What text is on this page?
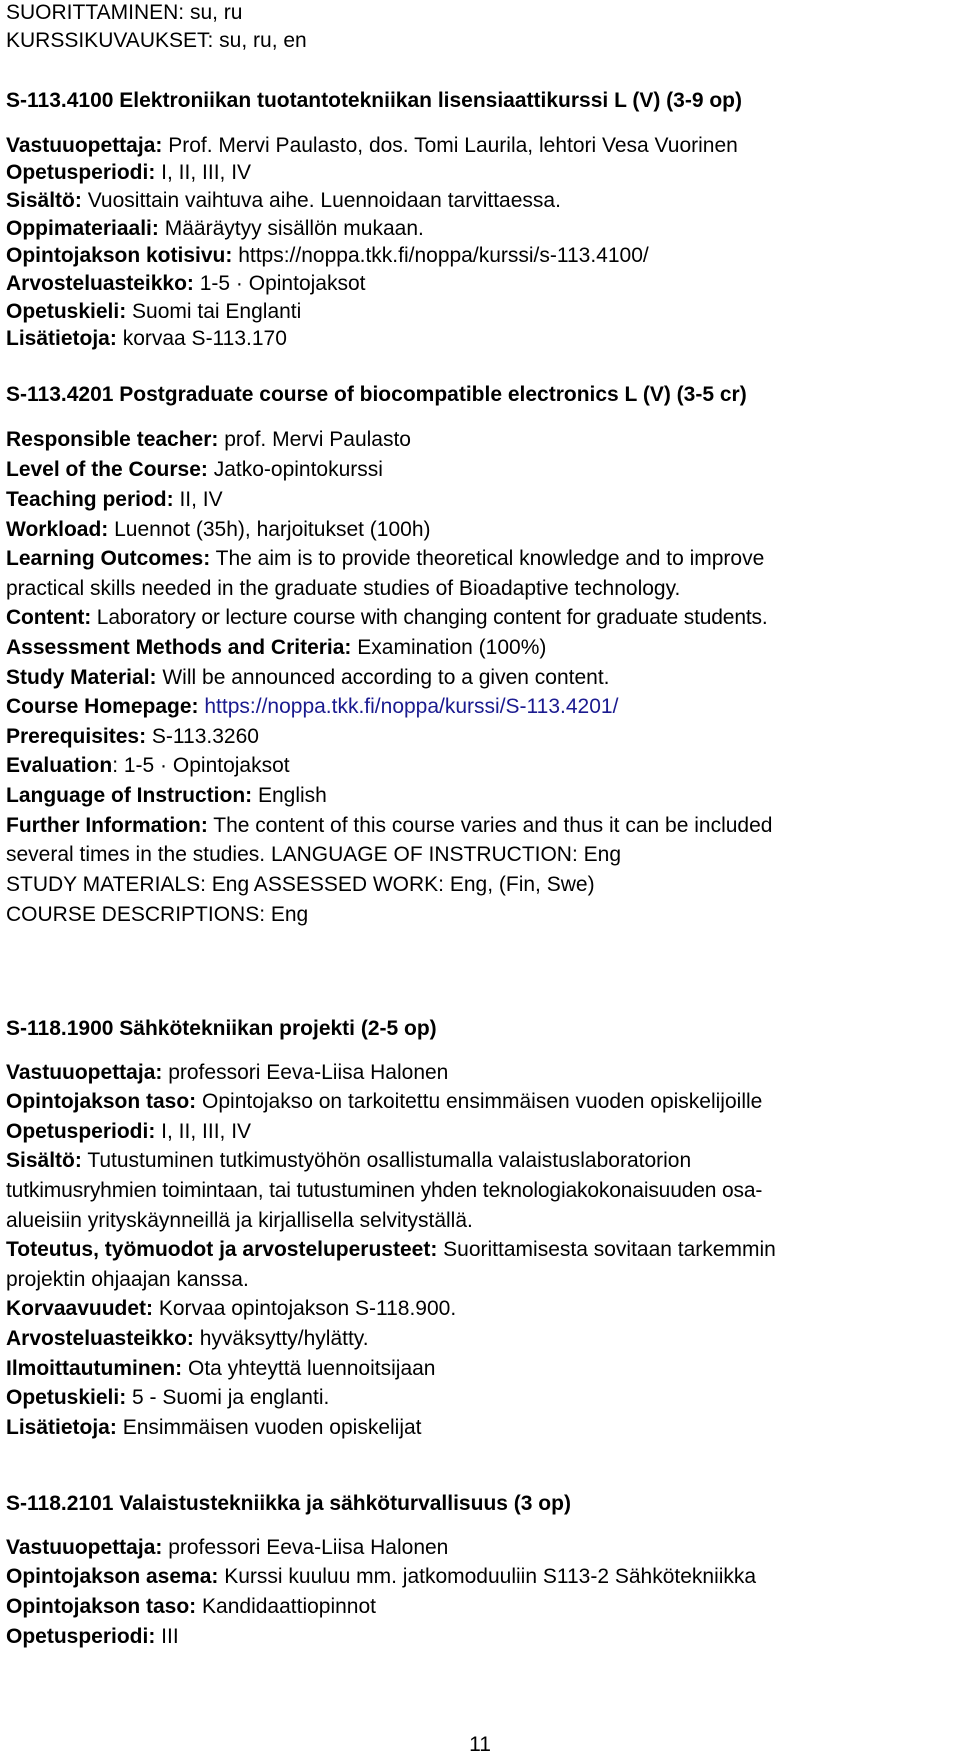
SUORITTAMINEN: su, ru
KURSSIKUVAUKSET: su, ru, en
S-113.4100 Elektroniikan tuotantotekniikan lisensiaattikurssi L (V) (3-9 op)
Vastuuopettaja: Prof. Mervi Paulasto, dos. Tomi Laurila, lehtori Vesa Vuorinen
Opetusperiodi: I, II, III, IV
Sisältö: Vuosittain vaihtuva aihe. Luennoidaan tarvittaessa.
Oppimateriaali: Määräytyy sisällön mukaan.
Opintojakson kotisivu: https://noppa.tkk.fi/noppa/kurssi/s-113.4100/
Arvosteluasteikko: 1-5 · Opintojaksot
Opetuskieli: Suomi tai Englanti
Lisätietoja: korvaa S-113.170
S-113.4201 Postgraduate course of biocompatible electronics L (V) (3-5 cr)
Responsible teacher: prof. Mervi Paulasto
Level of the Course: Jatko-opintokurssi
Teaching period: II, IV
Workload: Luennot (35h), harjoitukset (100h)
Learning Outcomes: The aim is to provide theoretical knowledge and to improve
practical skills needed in the graduate studies of Bioadaptive technology.
Content: Laboratory or lecture course with changing content for graduate students.
Assessment Methods and Criteria: Examination (100%)
Study Material: Will be announced according to a given content.
Course Homepage: https://noppa.tkk.fi/noppa/kurssi/S-113.4201/
Prerequisites: S-113.3260
Evaluation: 1-5 · Opintojaksot
Language of Instruction: English
Further Information: The content of this course varies and thus it can be included
several times in the studies. LANGUAGE OF INSTRUCTION: Eng
STUDY MATERIALS: Eng ASSESSED WORK: Eng, (Fin, Swe)
COURSE DESCRIPTIONS: Eng
S-118.1900 Sähkötekniikan projekti (2-5 op)
Vastuuopettaja: professori Eeva-Liisa Halonen
Opintojakson taso: Opintojakso on tarkoitettu ensimmäisen vuoden opiskelijoille
Opetusperiodi: I, II, III, IV
Sisältö: Tutustuminen tutkimustyöhön osallistumalla valaistuslaboratorion
tutkimusryhmien toimintaan, tai tutustuminen yhden teknologiakokonaisuuden osa-
alueisiin yrityskäynneillä ja kirjallisella selvityställä.
Toteutus, työmuodot ja arvosteluperusteet: Suorittamisesta sovitaan tarkemmin
projektin ohjaajan kanssa.
Korvaavuudet: Korvaa opintojakson S-118.900.
Arvosteluasteikko: hyväksytty/hylätty.
Ilmoittautuminen: Ota yhteyttä luennoitsijaan
Opetuskieli: 5 - Suomi ja englanti.
Lisätietoja: Ensimmäisen vuoden opiskelijat
S-118.2101 Valaistustekniikka ja sähköturvallisuus (3 op)
Vastuuopettaja: professori Eeva-Liisa Halonen
Opintojakson asema: Kurssi kuuluu mm. jatkomoduuliin S113-2 Sähkötekniikka
Opintojakson taso: Kandidaattiopinnot
Opetusperiodi: III
11
